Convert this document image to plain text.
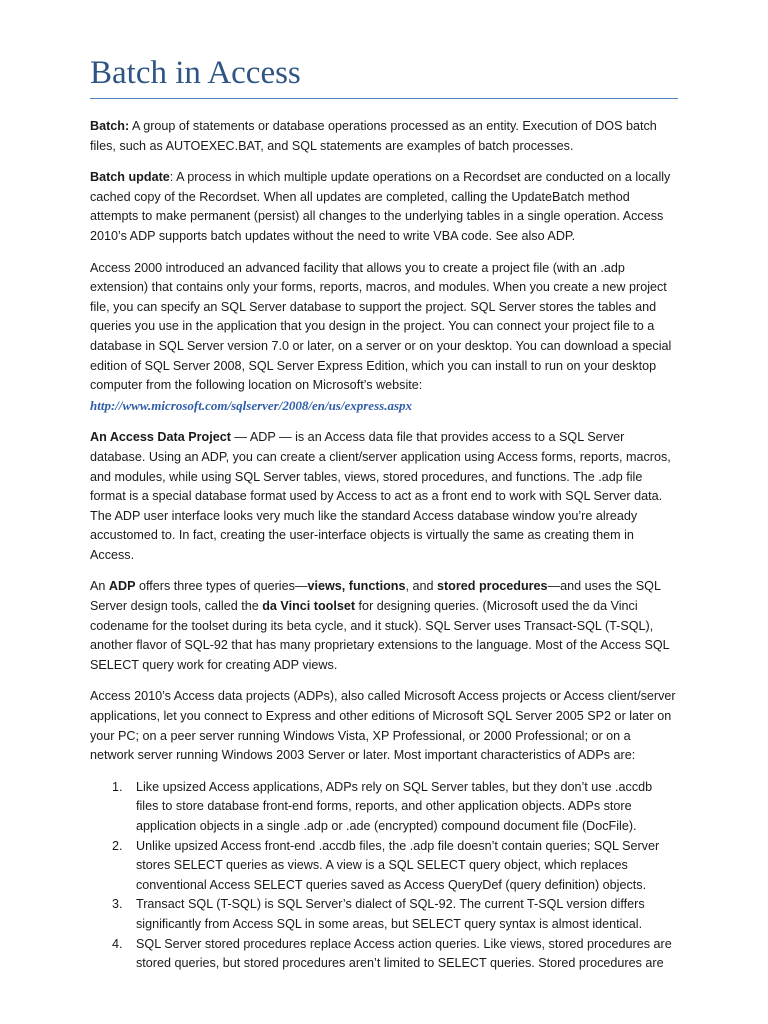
Batch in Access

Batch: A group of statements or database operations processed as an entity. Execution of DOS batch files, such as AUTOEXEC.BAT, and SQL statements are examples of batch processes.

Batch update: A process in which multiple update operations on a Recordset are conducted on a locally cached copy of the Recordset. When all updates are completed, calling the UpdateBatch method attempts to make permanent (persist) all changes to the underlying tables in a single operation. Access 2010’s ADP supports batch updates without the need to write VBA code. See also ADP.

Access 2000 introduced an advanced facility that allows you to create a project file (with an .adp extension) that contains only your forms, reports, macros, and modules. When you create a new project file, you can specify an SQL Server database to support the project. SQL Server stores the tables and queries you use in the application that you design in the project. You can connect your project file to a database in SQL Server version 7.0 or later, on a server or on your desktop. You can download a special edition of SQL Server 2008, SQL Server Express Edition, which you can install to run on your desktop computer from the following location on Microsoft’s website:
http://www.microsoft.com/sqlserver/2008/en/us/express.aspx

An Access Data Project — ADP — is an Access data file that provides access to a SQL Server database. Using an ADP, you can create a client/server application using Access forms, reports, macros, and modules, while using SQL Server tables, views, stored procedures, and functions. The .adp file format is a special database format used by Access to act as a front end to work with SQL Server data. The ADP user interface looks very much like the standard Access database window you’re already accustomed to. In fact, creating the user-interface objects is virtually the same as creating them in Access.

An ADP offers three types of queries—views, functions, and stored procedures—and uses the SQL Server design tools, called the da Vinci toolset for designing queries. (Microsoft used the da Vinci codename for the toolset during its beta cycle, and it stuck). SQL Server uses Transact-SQL (T-SQL), another flavor of SQL-92 that has many proprietary extensions to the language. Most of the Access SQL SELECT query work for creating ADP views.

Access 2010’s Access data projects (ADPs), also called Microsoft Access projects or Access client/server applications, let you connect to Express and other editions of Microsoft SQL Server 2005 SP2 or later on your PC; on a peer server running Windows Vista, XP Professional, or 2000 Professional; or on a network server running Windows 2003 Server or later. Most important characteristics of ADPs are:

1. Like upsized Access applications, ADPs rely on SQL Server tables, but they don’t use .accdb files to store database front-end forms, reports, and other application objects. ADPs store application objects in a single .adp or .ade (encrypted) compound document file (DocFile).
2. Unlike upsized Access front-end .accdb files, the .adp file doesn’t contain queries; SQL Server stores SELECT queries as views. A view is a SQL SELECT query object, which replaces conventional Access SELECT queries saved as Access QueryDef (query definition) objects.
3. Transact SQL (T-SQL) is SQL Server’s dialect of SQL-92. The current T-SQL version differs significantly from Access SQL in some areas, but SELECT query syntax is almost identical.
4. SQL Server stored procedures replace Access action queries. Like views, stored procedures are stored queries, but stored procedures aren’t limited to SELECT queries. Stored procedures are
